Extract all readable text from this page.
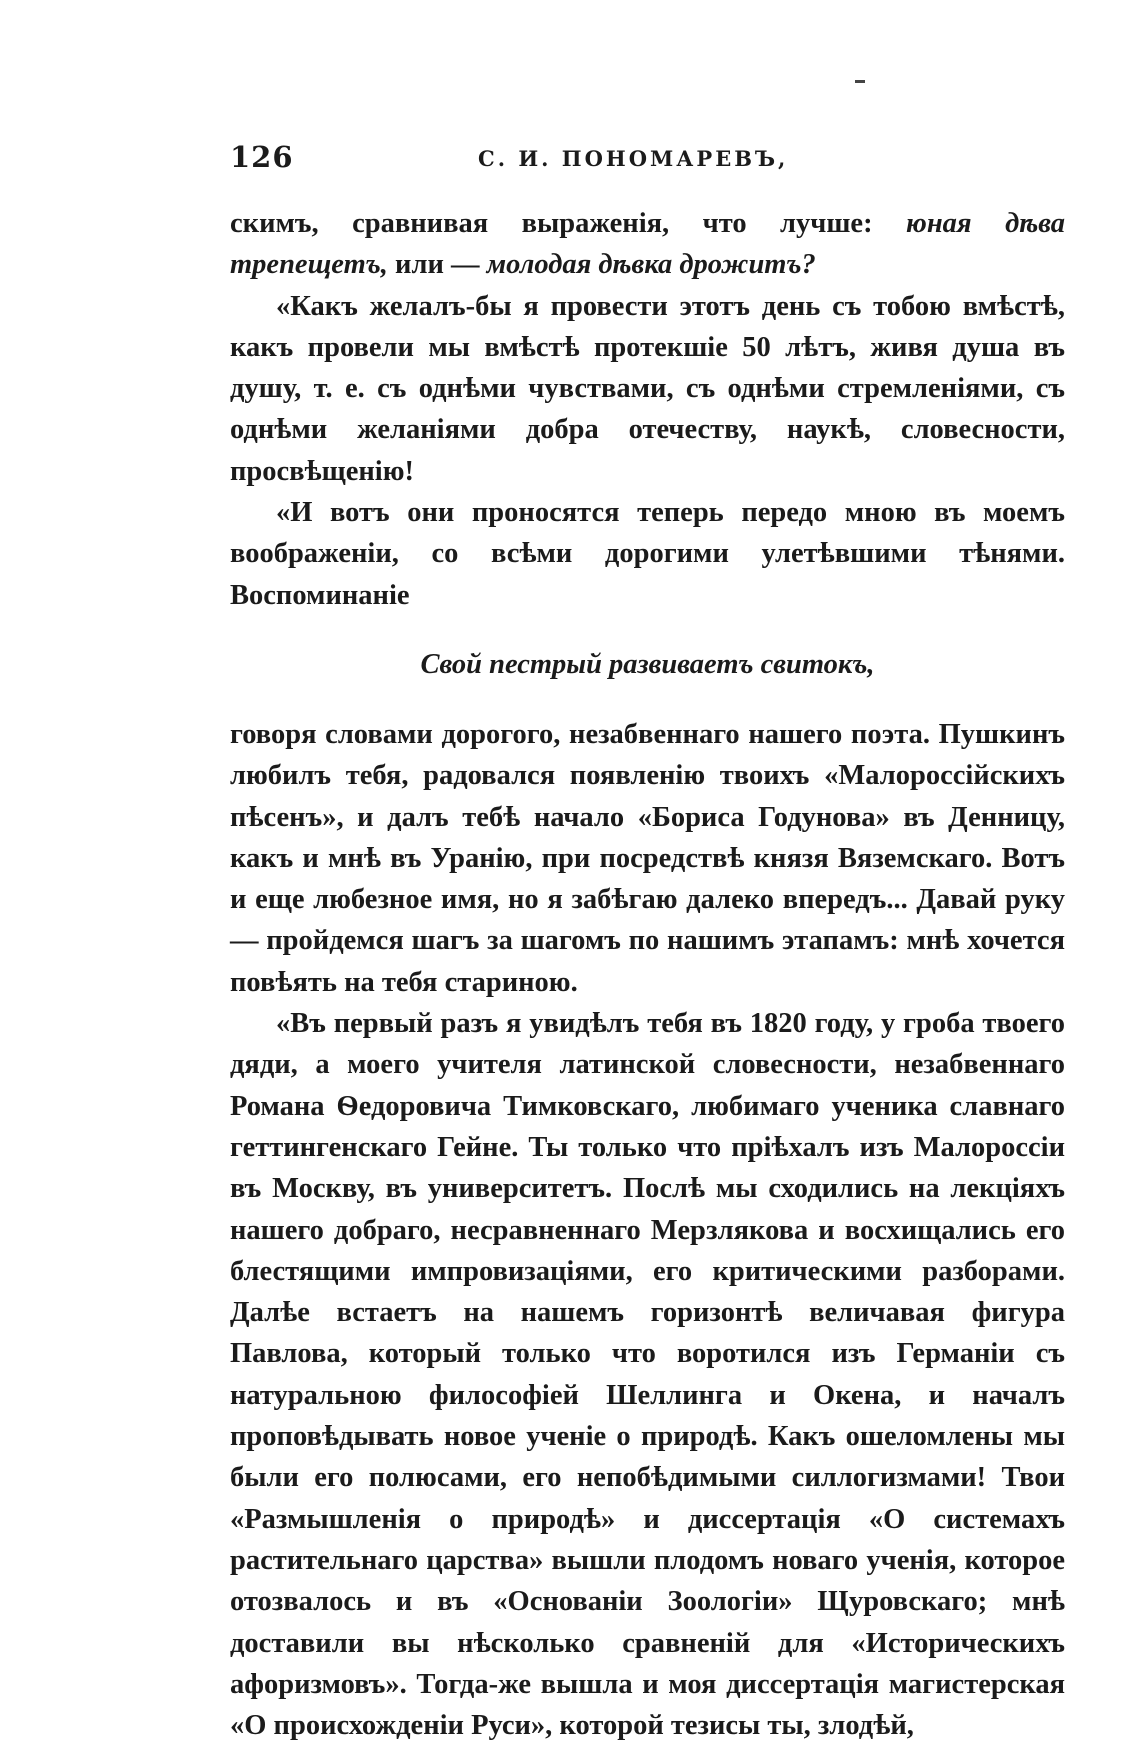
126	С. И. ПОНОМАРЕВЪ,

скимъ, сравнивая выраженія, что лучше: юная дѣва трепещетъ, или — молодая дѣвка дрожитъ?

«Какъ желалъ-бы я провести этотъ день съ тобою вмѣстѣ, какъ провели мы вмѣстѣ протекшіе 50 лѣтъ, живя душа въ душу, т. е. съ однѣми чувствами, съ однѣми стремленіями, съ однѣми желаніями добра отечеству, наукѣ, словесности, просвѣщенію!

«И вотъ они проносятся теперь передо мною въ моемъ воображеніи, со всѣми дорогими улетѣвшими тѣнями. Воспоминаніе

Свой пестрый развиваетъ свитокъ,

говоря словами дорогого, незабвеннаго нашего поэта. Пушкинъ любилъ тебя, радовался появленію твоихъ «Малороссійскихъ пѣсенъ», и далъ тебѣ начало «Бориса Годунова» въ Денницу, какъ и мнѣ въ Уранію, при посредствѣ князя Вяземскаго. Вотъ и еще любезное имя, но я забѣгаю далеко впередъ... Давай руку — пройдемся шагъ за шагомъ по нашимъ этапамъ: мнѣ хочется повѣять на тебя стариною.

«Въ первый разъ я увидѣлъ тебя въ 1820 году, у гроба твоего дяди, а моего учителя латинской словесности, незабвеннаго Романа Ѳедоровича Тимковскаго, любимаго ученика славнаго геттингенскаго Гейне. Ты только что пріѣхалъ изъ Малороссіи въ Москву, въ университетъ. Послѣ мы сходились на лекціяхъ нашего добраго, несравненнаго Мерзлякова и восхищались его блестящими импровизаціями, его критическими разборами. Далѣе встаетъ на нашемъ горизонтѣ величавая фигура Павлова, который только что воротился изъ Германіи съ натуральною философіей Шеллинга и Окена, и началъ проповѣдывать новое ученіе о природѣ. Какъ ошеломлены мы были его полюсами, его непобѣдимыми силлогизмами! Твои «Размышленія о природѣ» и диссертація «О системахъ растительнаго царства» вышли плодомъ новаго ученія, которое отозвалось и въ «Основаніи Зоологіи» Щуровскаго; мнѣ доставили вы нѣсколько сравненій для «Историческихъ афоризмовъ». Тогда-же вышла и моя диссертація магистерская «О происхожденіи Руси», которой тезисы ты, злодѣй,
